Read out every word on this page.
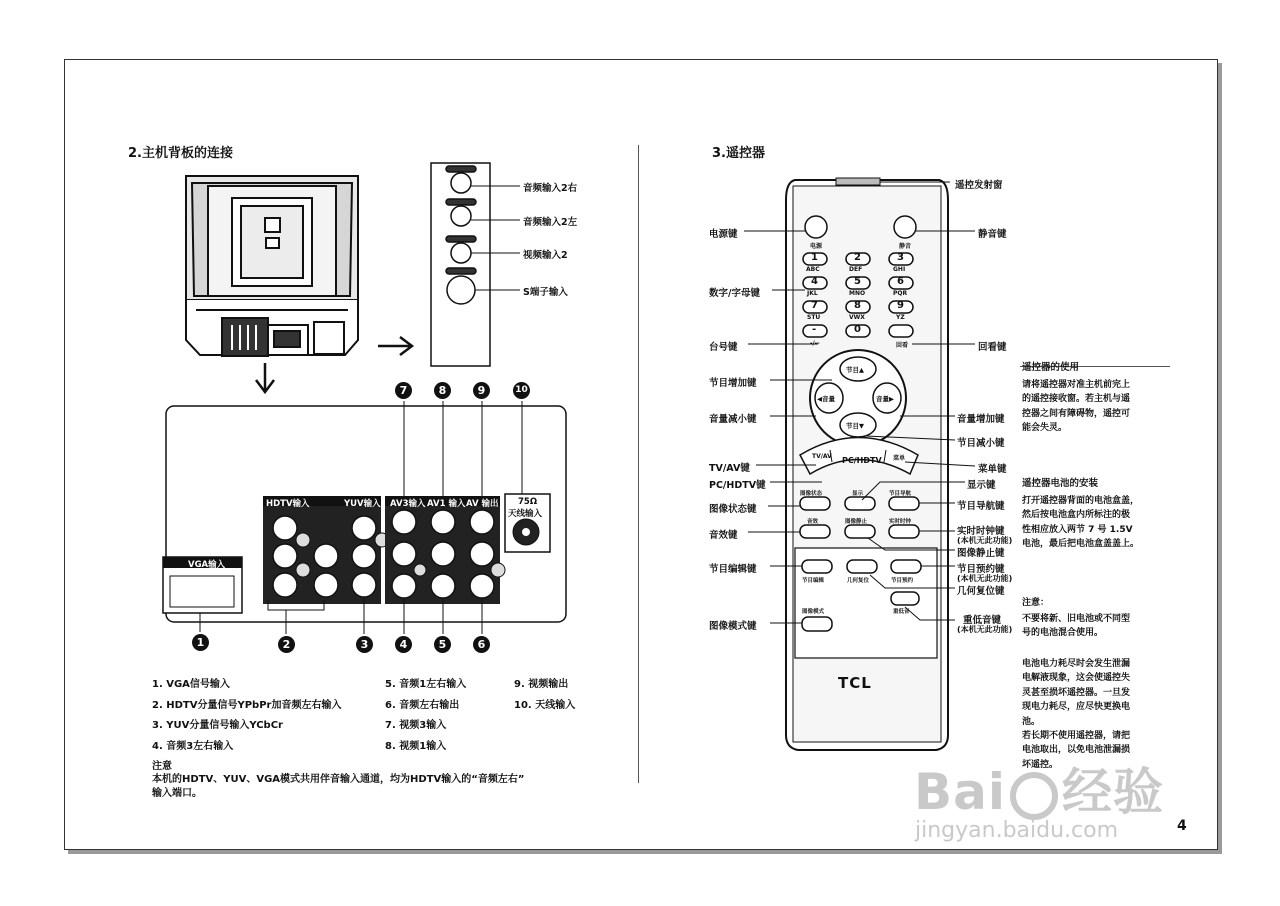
2.主机背板的连接
音频输入2右
音频输入2左
视频输入2
S端子输入
HDTV输入	YUV输入 AV3输入 AV1 输入 AV 输出 75Ω
天线输入
VGA输入
7	8	9	10
1	2	3	4	5	6
1. VGA信号输入
2. HDTV分量信号YPbPr加音频左右输入
3. YUV分量信号输入YCbCr
4. 音频3左右输入
5. 音频1左右输入
6. 音频左右输出
7. 视频3输入
8. 视频1输入
9. 视频输出
10. 天线输入
注意
本机的HDTV、YUV、VGA模式共用伴音输入通道，均为HDTV输入的“音频左右”
输入端口。
3.遥控器
电源	静音
1	2	3
ABC	DEF	GHI
4	5	6
JKL	MNO	PQR
7	8	9
STU	VWX	YZ
-	0
-/--	回看
节目▲
节目▼
◀音量	音量▶
TV/AV PC/HDTV 菜单
图像状态	显示	节目导航
音效	图像静止	实时时钟
节目编辑	几何复位	节目预约
图像模式	重低音
TCL
电源键
数字/字母键
台号键
节目增加键
音量减小键
TV/AV键
PC/HDTV键
图像状态键
音效键
节目编辑键
图像模式键
遥控发射窗
静音键
回看键
音量增加键
节目减小键
菜单键
显示键
节目导航键
实时时钟键
(本机无此功能)
图像静止键
节目预约键
(本机无此功能)
几何复位键
重低音键
(本机无此功能)
遥控器的使用
请将遥控器对准主机前完上
的遥控接收窗。若主机与遥
控器之间有障碍物，遥控可
能会失灵。
遥控器电池的安装
打开遥控器背面的电池盒盖，
然后按电池盒内所标注的极
性相应放入两节 7 号 1.5V
电池，最后把电池盒盖盖上。
注意：
不要将新、旧电池或不同型
号的电池混合使用。
电池电力耗尽时会发生泄漏
电解液现象，这会使遥控失
灵甚至损坏遥控器。一旦发
现电力耗尽，应尽快更换电
池。
若长期不使用遥控器，请把
电池取出，以免电池泄漏损
坏遥控。
4
Bai 经验
jingyan.baidu.com
